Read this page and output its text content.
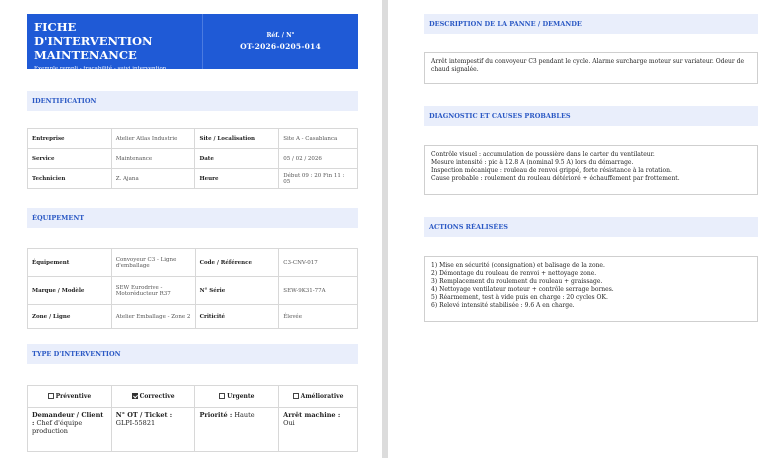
FICHE D'INTERVENTION
MAINTENANCE
Exemple rempli - traçabilité - suivi intervention
Réf. / N°
OT-2026-0205-014
IDENTIFICATION
Entreprise	Atelier Atlas Industrie	Site / Localisation	Site A - Casablanca
Service	Maintenance	Date	05 / 02 / 2026
Technicien	Z. Ajana	Heure	Début 09 : 20 Fin 11 : 05
ÉQUIPEMENT
Équipement	Convoyeur C3 - Ligne d'emballage	Code / Référence	C3-CNV-017
Marque / Modèle	SEW Eurodrive - Motoréducteur R37	N° Série	SEW-9K31-77A
Zone / Ligne	Atelier Emballage - Zone 2	Criticité	Élevée
TYPE D'INTERVENTION
Préventive	Corrective	Urgente	Améliorative
Demandeur / Client : Chef d'équipe production	N° OT / Ticket : GLPI-55821	Priorité : Haute	Arrêt machine : Oui
DESCRIPTION DE LA PANNE / DEMANDE
Arrêt intempestif du convoyeur C3 pendant le cycle. Alarme surcharge moteur sur variateur. Odeur de chaud signalée.
DIAGNOSTIC ET CAUSES PROBABLES
Contrôle visuel : accumulation de poussière dans le carter du ventilateur.
Mesure intensité : pic à 12.8 A (nominal 9.5 A) lors du démarrage.
Inspection mécanique : rouleau de renvoi grippé, forte résistance à la rotation.
Cause probable : roulement du rouleau détérioré + échauffement par frottement.
ACTIONS RÉALISÉES
1) Mise en sécurité (consignation) et balisage de la zone.
2) Démontage du rouleau de renvoi + nettoyage zone.
3) Remplacement du roulement du rouleau + graissage.
4) Nettoyage ventilateur moteur + contrôle serrage bornes.
5) Réarmement, test à vide puis en charge : 20 cycles OK.
6) Relevé intensité stabilisée : 9.6 A en charge.
